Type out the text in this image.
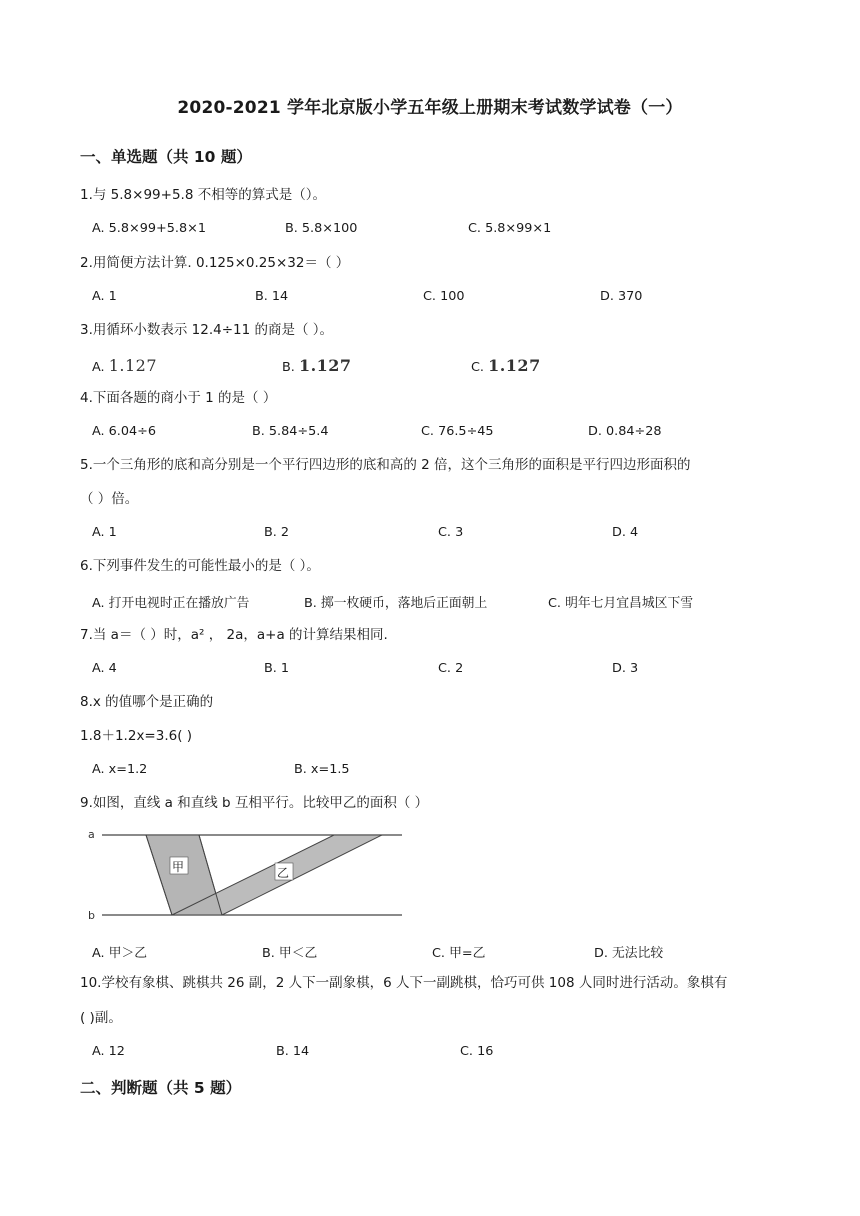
2020-2021 学年北京版小学五年级上册期末考试数学试卷（一）
一、单选题（共 10 题）
1.与 5.8×99+5.8 不相等的算式是（）。
A. 5.8×99+5.8×1	B. 5.8×100	C. 5.8×99×1
2.用简便方法计算. 0.125×0.25×32＝（ ）
A. 1	B. 14	C. 100	D. 370
3.用循环小数表示 12.4÷11 的商是（ ）。
A. 1.127	B. 1.127	C. 1.127
4.下面各题的商小于 1 的是（ ）
A. 6.04÷6	B. 5.84÷5.4	C. 76.5÷45	D. 0.84÷28
5.一个三角形的底和高分别是一个平行四边形的底和高的 2 倍，这个三角形的面积是平行四边形面积的
（ ）倍。
A. 1	B. 2	C. 3	D. 4
6.下列事件发生的可能性最小的是（ ）。
A. 打开电视时正在播放广告	B. 掷一枚硬币，落地后正面朝上	C. 明年七月宜昌城区下雪
7.当 a＝（ ）时，a² ， 2a，a+a 的计算结果相同.
A. 4	B. 1	C. 2	D. 3
8.x 的值哪个是正确的
1.8＋1.2x=3.6( )
A. x=1.2	B. x=1.5
9.如图，直线 a 和直线 b 互相平行。比较甲乙的面积（ ）
a
b
甲	乙
A. 甲＞乙	B. 甲＜乙	C. 甲=乙	D. 无法比较
10.学校有象棋、跳棋共 26 副，2 人下一副象棋，6 人下一副跳棋，恰巧可供 108 人同时进行活动。象棋有
( )副。
A. 12	B. 14	C. 16
二、判断题（共 5 题）
